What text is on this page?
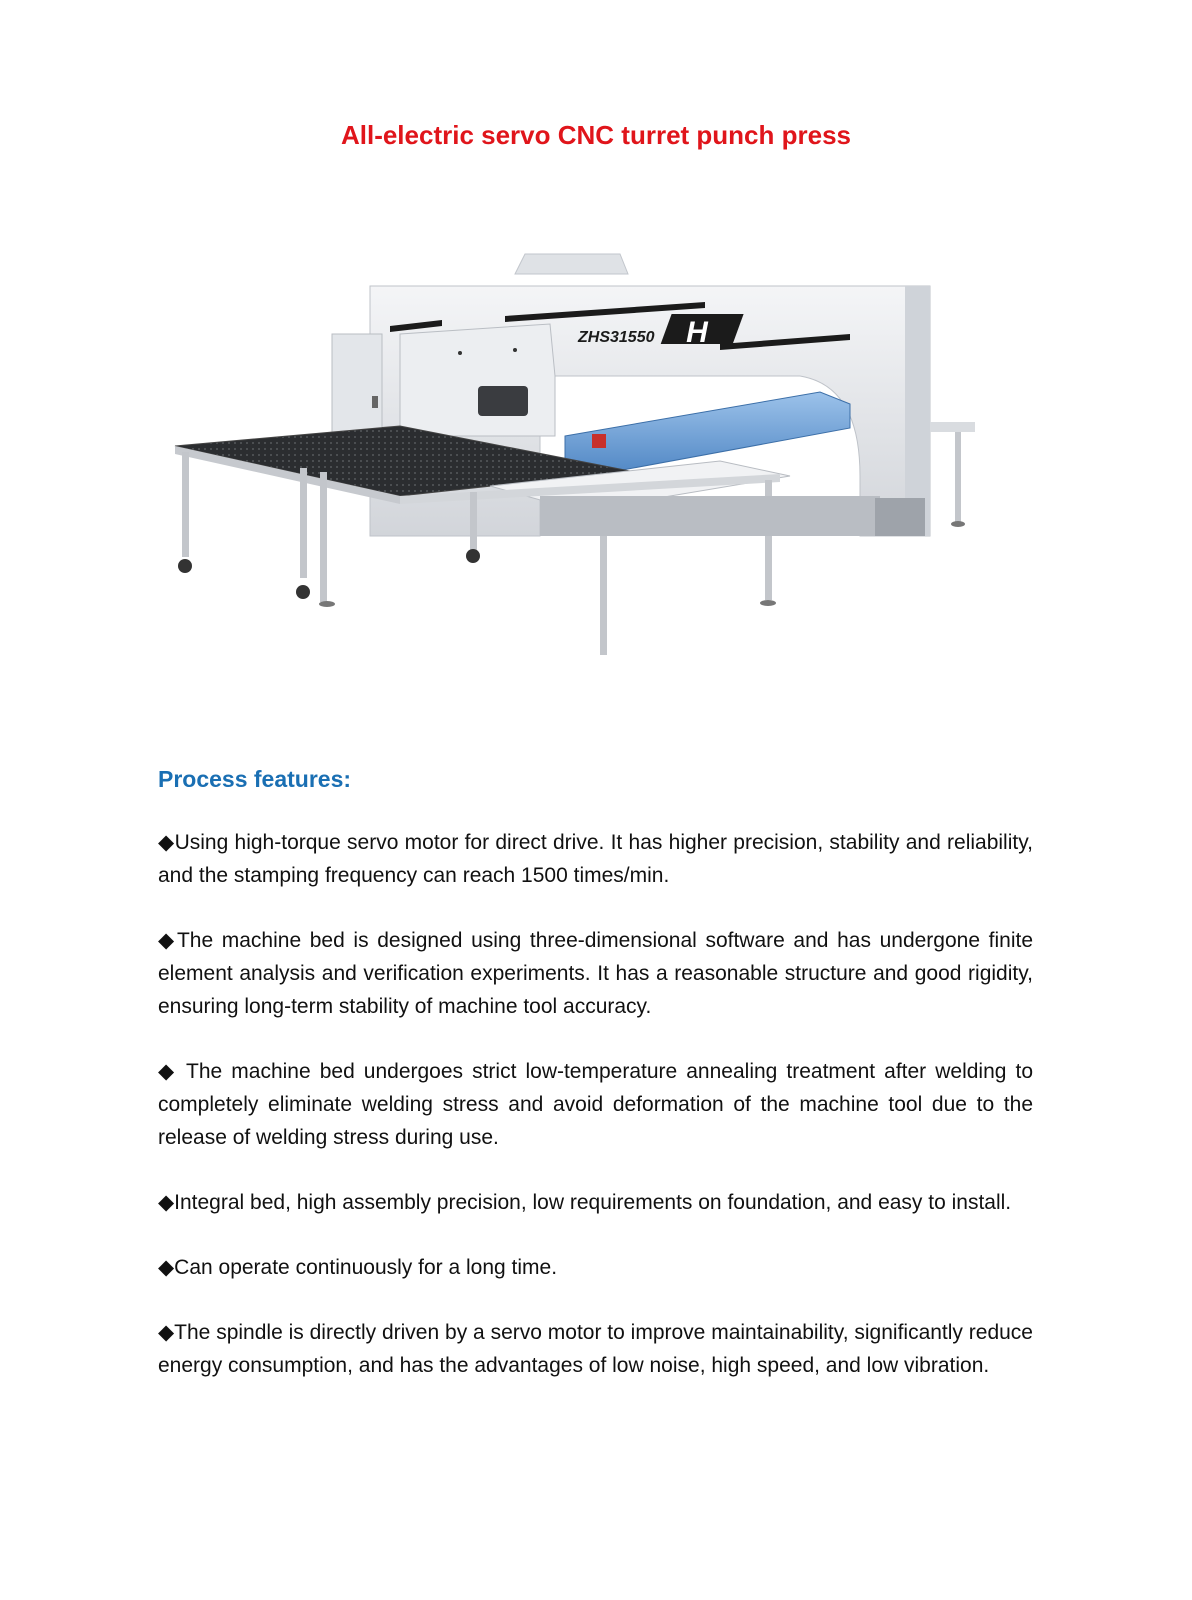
All-electric servo CNC turret punch press
ZHS31550 H
Process features:
◆Using high-torque servo motor for direct drive. It has higher precision, stability and reliability, and the stamping frequency can reach 1500 times/min.
◆The machine bed is designed using three-dimensional software and has undergone finite element analysis and verification experiments. It has a reasonable structure and good rigidity, ensuring long-term stability of machine tool accuracy.
◆ The machine bed undergoes strict low-temperature annealing treatment after welding to completely eliminate welding stress and avoid deformation of the machine tool due to the release of welding stress during use.
◆Integral bed, high assembly precision, low requirements on foundation, and easy to install.
◆Can operate continuously for a long time.
◆The spindle is directly driven by a servo motor to improve maintainability, significantly reduce energy consumption, and has the advantages of low noise, high speed, and low vibration.
